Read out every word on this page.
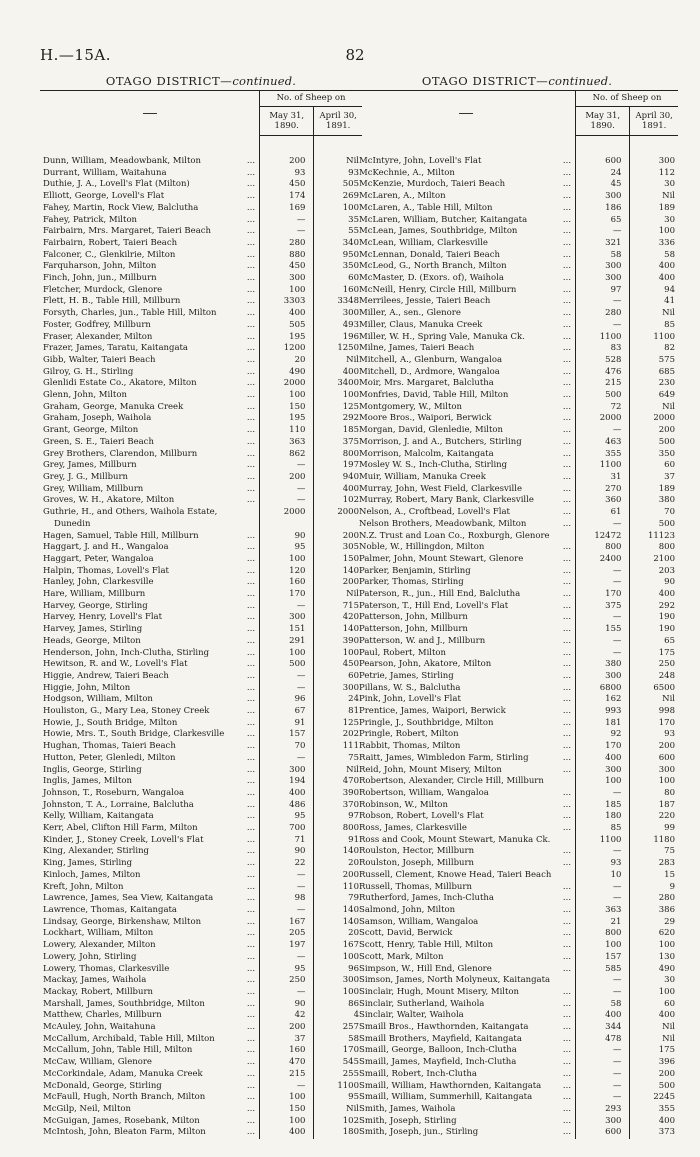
H.—15A.	82
OTAGO DISTRICT—continued.
	No. of Sheep on	
	May 31, 1890.	April 30, 1891.

Dunn, William, Meadowbank, Milton ...	200	Nil
Durrant, William, Waitahuna ...	93	93
Duthie, J. A., Lovell's Flat (Milton) ...	450	505
Elliott, George, Lovell's Flat ...	174	269
Fahey, Martin, Rock View, Balclutha ...	169	100
Fahey, Patrick, Milton ...	—	35
Fairbairn, Mrs. Margaret, Taieri Beach ...	—	55
Fairbairn, Robert, Taieri Beach ...	280	340
Falconer, C., Glenkilrie, Milton ...	880	950
Farquharson, John, Milton ...	450	350
Finch, John, jun., Millburn ...	300	60
Fletcher, Murdock, Glenore ...	100	160
Flett, H. B., Table Hill, Millburn ...	3303	3348
Forsyth, Charles, jun., Table Hill, Milton ...	400	300
Foster, Godfrey, Millburn ...	505	493
Fraser, Alexander, Milton ...	195	196
Frazer, James, Taratu, Kaitangata ...	1200	1250
Gibb, Walter, Taieri Beach ...	20	Nil
Gilroy, G. H., Stirling ...	490	400
Glenlidi Estate Co., Akatore, Milton ...	2000	3400
Glenn, John, Milton ...	100	100
Graham, George, Manuka Creek ...	150	125
Graham, Joseph, Waihola ...	195	292
Grant, George, Milton ...	110	185
Green, S. E., Taieri Beach ...	363	375
Grey Brothers, Clarendon, Millburn ...	862	800
Grey, James, Millburn ...	—	197
Grey, J. G., Millburn ...	200	940
Grey, William, Millburn ...	—	400
Groves, W. H., Akatore, Milton ...	—	102
Guthrie, H., and Others, Waihola Estate,	2000	2000
Dunedin		
Hagen, Samuel, Table Hill, Millburn ...	90	200
Haggart, J. and H., Wangaloa ...	95	305
Haggart, Peter, Wangaloa ...	100	150
Halpin, Thomas, Lovell's Flat ...	120	140
Hanley, John, Clarkesville ...	160	200
Hare, William, Millburn ...	170	Nil
Harvey, George, Stirling ...	—	715
Harvey, Henry, Lovell's Flat ...	300	420
Harvey, James, Stirling ...	151	140
Heads, George, Milton ...	291	390
Henderson, John, Inch-Clutha, Stirling ...	100	100
Hewitson, R. and W., Lovell's Flat ...	500	450
Higgie, Andrew, Taieri Beach ...	—	60
Higgie, John, Milton ...	—	300
Hodgson, William, Milton ...	96	24
Houliston, G., Mary Lea, Stoney Creek ...	67	81
Howie, J., South Bridge, Milton ...	91	125
Howie, Mrs. T., South Bridge, Clarkesville ...	157	202
Hughan, Thomas, Taieri Beach ...	70	111
Hutton, Peter, Glenledi, Milton ...	—	75
Inglis, George, Stirling ...	300	Nil
Inglis, James, Milton ...	194	470
Johnson, T., Roseburn, Wangaloa ...	400	390
Johnston, T. A., Lorraine, Balclutha ...	486	370
Kelly, William, Kaitangata ...	95	97
Kerr, Abel, Clifton Hill Farm, Milton ...	700	800
Kinder, J., Stoney Creek, Lovell's Flat ...	71	91
King, Alexander, Stirling ...	90	140
King, James, Stirling ...	22	20
Kinloch, James, Milton ...	—	200
Kreft, John, Milton ...	—	110
Lawrence, James, Sea View, Kaitangata ...	98	79
Lawrence, Thomas, Kaitangata ...	—	140
Lindsay, George, Birkenshaw, Milton ...	167	140
Lockhart, William, Milton ...	205	20
Lowery, Alexander, Milton ...	197	167
Lowery, John, Stirling ...	—	100
Lowery, Thomas, Clarkesville ...	95	96
Mackay, James, Waihola ...	250	300
Mackay, Robert, Millburn ...	—	100
Marshall, James, Southbridge, Milton ...	90	86
Matthew, Charles, Millburn ...	42	4
McAuley, John, Waitahuna ...	200	257
McCallum, Archibald, Table Hill, Milton ...	37	58
McCallum, John, Table Hill, Milton ...	160	170
McCaw, William, Glenore ...	470	545
McCorkindale, Adam, Manuka Creek ...	215	255
McDonald, George, Stirling ...	—	1100
McFaull, Hugh, North Branch, Milton ...	100	95
McGilp, Neil, Milton ...	150	Nil
McGuigan, James, Rosebank, Milton ...	100	102
McIntosh, John, Bleaton Farm, Milton ...	400	180
OTAGO DISTRICT—continued.
	No. of Sheep on	
	May 31, 1890.	April 30, 1891.

McIntyre, John, Lovell's Flat ...	600	300
McKechnie, A., Milton ...	24	112
McKenzie, Murdoch, Taieri Beach ...	45	30
McLaren, A., Milton ...	300	Nil
McLaren, A., Table Hill, Milton ...	186	189
McLaren, William, Butcher, Kaitangata ...	65	30
McLean, James, Southbridge, Milton ...	—	100
McLean, William, Clarkesville ...	321	336
McLennan, Donald, Taieri Beach ...	58	58
McLeod, G., North Branch, Milton ...	300	400
McMaster, D. (Exors. of), Waihola ...	300	400
McNeill, Henry, Circle Hill, Millburn ...	97	94
Merrilees, Jessie, Taieri Beach ...	—	41
Miller, A., sen., Glenore ...	280	Nil
Miller, Claus, Manuka Creek ...	—	85
Miller, W. H., Spring Vale, Manuka Ck. ...	1100	1100
Milne, James, Taieri Beach ...	83	82
Mitchell, A., Glenburn, Wangaloa ...	528	575
Mitchell, D., Ardmore, Wangaloa ...	476	685
Moir, Mrs. Margaret, Balclutha ...	215	230
Monfries, David, Table Hill, Milton ...	500	649
Montgomery, W., Milton ...	72	Nil
Moore Bros., Waipori, Berwick ...	2000	2000
Morgan, David, Glenledie, Milton ...	—	200
Morrison, J. and A., Butchers, Stirling ...	463	500
Morrison, Malcolm, Kaitangata ...	355	350
Mosley W. S., Inch-Clutha, Stirling ...	1100	60
Muir, William, Manuka Creek ...	31	37
Murray, John, West Field, Clarkesville ...	270	189
Murray, Robert, Mary Bank, Clarkesville ...	360	380
Nelson, A., Croftbead, Lovell's Flat ...	61	70
Nelson Brothers, Meadowbank, Milton ...	—	500
N.Z. Trust and Loan Co., Roxburgh, Glenore	12472	11123
Noble, W., Hillingdon, Milton ...	800	800
Palmer, John, Mount Stewart, Glenore ...	2400	2100
Parker, Benjamin, Stirling ...	—	203
Parker, Thomas, Stirling ...	—	90
Paterson, R., jun., Hill End, Balclutha ...	170	400
Paterson, T., Hill End, Lovell's Flat ...	375	292
Patterson, John, Millburn ...	—	190
Patterson, John, Millburn ...	155	190
Patterson, W. and J., Millburn ...	—	65
Paul, Robert, Milton ...	—	175
Pearson, John, Akatore, Milton ...	380	250
Petrie, James, Stirling ...	300	248
Pillans, W. S., Balclutha ...	6800	6500
Pink, John, Lovell's Flat ...	162	Nil
Prentice, James, Waipori, Berwick ...	993	998
Pringle, J., Southbridge, Milton ...	181	170
Pringle, Robert, Milton ...	92	93
Rabbit, Thomas, Milton ...	170	200
Raitt, James, Wimbledon Farm, Stirling ...	400	600
Reid, John, Mount Misery, Milton ...	300	300
Robertson, Alexander, Circle Hill, Millburn	100	100
Robertson, William, Wangaloa ...	—	80
Robinson, W., Milton ...	185	187
Robson, Robert, Lovell's Flat ...	180	220
Ross, James, Clarkesville ...	85	99
Ross and Cook, Mount Stewart, Manuka Ck.	1100	1180
Roulston, Hector, Millburn ...	—	75
Roulston, Joseph, Millburn ...	93	283
Russell, Clement, Knowe Head, Taieri Beach	10	15
Russell, Thomas, Millburn ...	—	9
Rutherford, James, Inch-Clutha ...	—	280
Salmond, John, Milton ...	363	386
Samson, William, Wangaloa ...	21	29
Scott, David, Berwick ...	800	620
Scott, Henry, Table Hill, Milton ...	100	100
Scott, Mark, Milton ...	157	130
Simpson, W., Hill End, Glenore ...	585	490
Simson, James, North Molyneux, Kaitangata	—	30
Sinclair, Hugh, Mount Misery, Milton ...	—	100
Sinclair, Sutherland, Waihola ...	58	60
Sinclair, Walter, Waihola ...	400	400
Smaill Bros., Hawthornden, Kaitangata ...	344	Nil
Smaill Brothers, Mayfield, Kaitangata ...	478	Nil
Smaill, George, Balloon, Inch-Clutha ...	—	175
Smaill, James, Mayfield, Inch-Clutha ...	—	396
Smaill, Robert, Inch-Clutha ...	—	200
Smaill, William, Hawthornden, Kaitangata ...	—	500
Smaill, William, Summerhill, Kaitangata ...	—	2245
Smith, James, Waihola ...	293	355
Smith, Joseph, Stirling ...	300	400
Smith, Joseph, jun., Stirling ...	600	373
